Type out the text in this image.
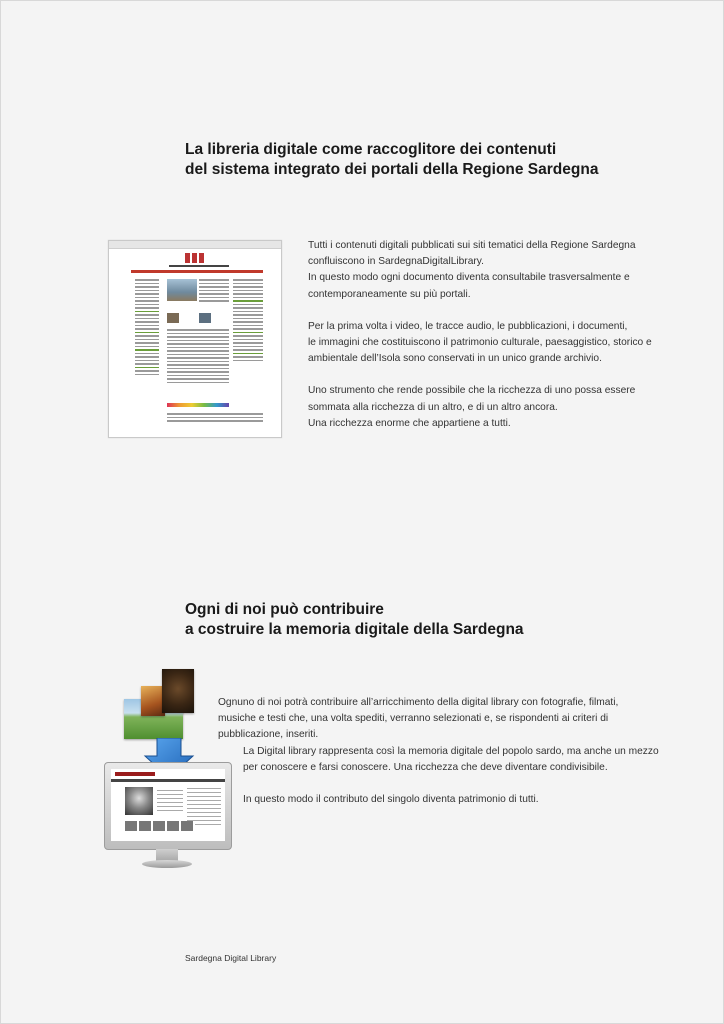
La libreria digitale come raccoglitore dei contenuti
del sistema integrato dei portali della Regione Sardegna

Tutti i contenuti digitali pubblicati sui siti tematici della Regione Sardegna
confluiscono in SardegnaDigitalLibrary.
In questo modo ogni documento diventa consultabile trasversalmente e
contemporaneamente su più portali.

Per la prima volta i video, le tracce audio, le pubblicazioni, i documenti,
le immagini che costituiscono il patrimonio culturale, paesaggistico, storico e
ambientale dell’Isola sono conservati in un unico grande archivio.

Uno strumento che rende possibile che la ricchezza di uno possa essere
sommata alla ricchezza di un altro, e di un altro ancora.
Una ricchezza enorme che appartiene a tutti.

Ogni di noi può contribuire
a costruire la memoria digitale della Sardegna

Ognuno di noi potrà contribuire all’arricchimento della digital library con fotografie, filmati,

musiche e testi che, una volta spediti, verranno selezionati e, se rispondenti ai criteri di

pubblicazione, inseriti.

La Digital library rappresenta così la memoria digitale del popolo sardo, ma anche un mezzo

per conoscere e farsi conoscere. Una ricchezza che deve diventare condivisibile.

In questo modo il contributo del singolo diventa patrimonio di tutti.

Sardegna Digital Library
